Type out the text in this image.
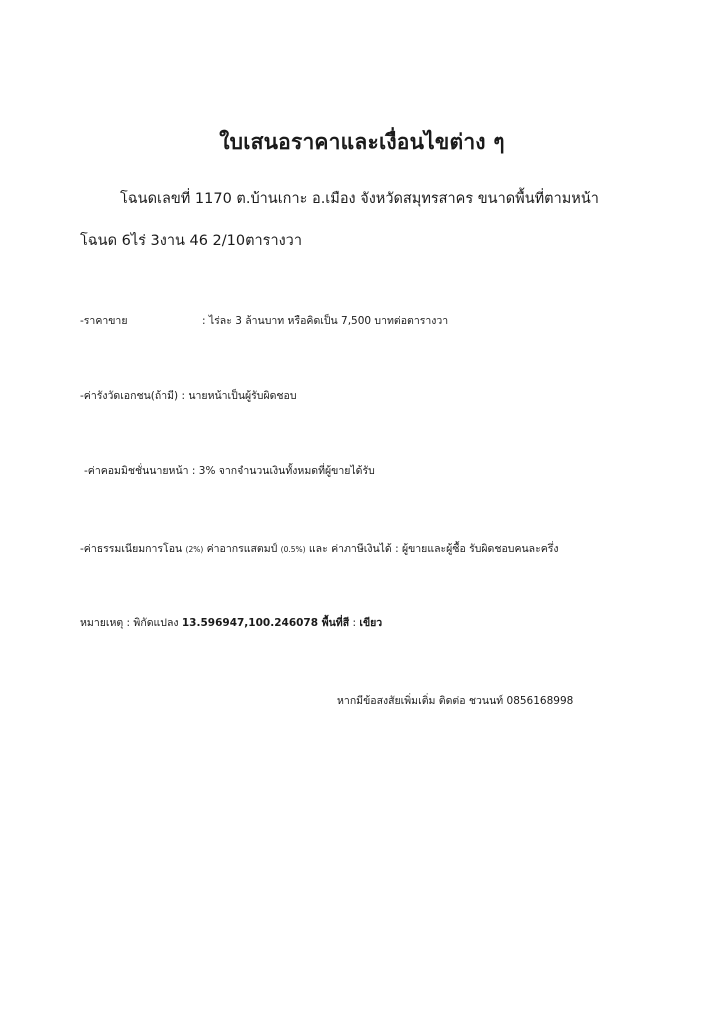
ใบเสนอราคาและเงื่อนไขต่าง ๆ
โฉนดเลขที่ 1170 ต.บ้านเกาะ อ.เมือง จังหวัดสมุทรสาคร ขนาดพื้นที่ตามหน้า
โฉนด 6ไร่ 3งาน 46 2/10ตารางวา
-ราคาขาย	: ไร่ละ 3 ล้านบาท หรือคิดเป็น 7,500 บาทต่อตารางวา
-ค่ารังวัดเอกชน(ถ้ามี) : นายหน้าเป็นผู้รับผิดชอบ
-ค่าคอมมิชชั่นนายหน้า : 3% จากจำนวนเงินทั้งหมดที่ผู้ขายได้รับ
-ค่าธรรมเนียมการโอน (2%) ค่าอากรแสตมป์ (0.5%) และ ค่าภาษีเงินได้ : ผู้ขายและผู้ซื้อ รับผิดชอบคนละครึ่ง
หมายเหตุ : พิกัดแปลง 13.596947,100.246078 พื้นที่สี : เขียว
หากมีข้อสงสัยเพิ่มเติ่ม ติดต่อ ชวนนท์ 0856168998
